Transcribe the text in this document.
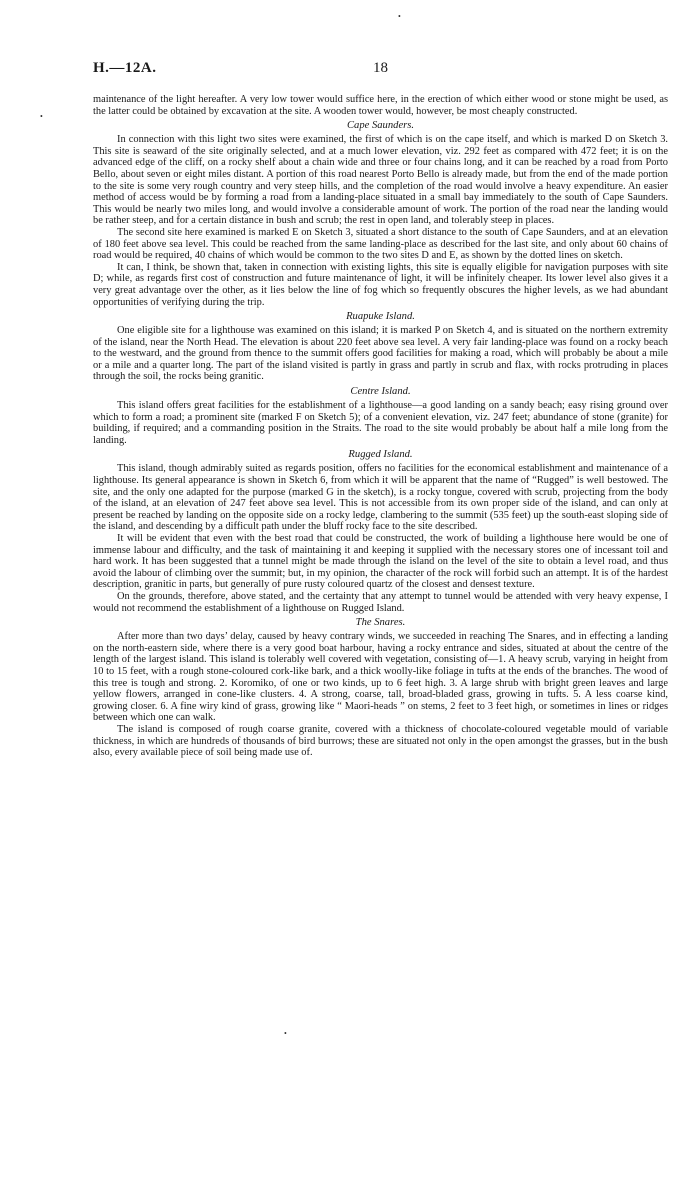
•
•
•
H.—12A.	18

maintenance of the light hereafter. A very low tower would suffice here, in the erection of which either wood or stone might be used, as the latter could be obtained by excavation at the site. A wooden tower would, however, be most cheaply constructed.

Cape Saunders.

In connection with this light two sites were examined, the first of which is on the cape itself, and which is marked D on Sketch 3. This site is seaward of the site originally selected, and at a much lower elevation, viz. 292 feet as compared with 472 feet; it is on the advanced edge of the cliff, on a rocky shelf about a chain wide and three or four chains long, and it can be reached by a road from Porto Bello, about seven or eight miles distant. A portion of this road nearest Porto Bello is already made, but from the end of the made portion to the site is some very rough country and very steep hills, and the completion of the road would involve a heavy expenditure. An easier method of access would be by forming a road from a landing-place situated in a small bay immediately to the south of Cape Saunders. This would be nearly two miles long, and would involve a considerable amount of work. The portion of the road near the landing would be rather steep, and for a certain distance in bush and scrub; the rest in open land, and tolerably steep in places.

The second site here examined is marked E on Sketch 3, situated a short distance to the south of Cape Saunders, and at an elevation of 180 feet above sea level. This could be reached from the same landing-place as described for the last site, and only about 60 chains of road would be required, 40 chains of which would be common to the two sites D and E, as shown by the dotted lines on sketch.

It can, I think, be shown that, taken in connection with existing lights, this site is equally eligible for navigation purposes with site D; while, as regards first cost of construction and future maintenance of light, it will be infinitely cheaper. Its lower level also gives it a very great advantage over the other, as it lies below the line of fog which so frequently obscures the higher levels, as we had abundant opportunities of verifying during the trip.

Ruapuke Island.

One eligible site for a lighthouse was examined on this island; it is marked P on Sketch 4, and is situated on the northern extremity of the island, near the North Head. The elevation is about 220 feet above sea level. A very fair landing-place was found on a rocky beach to the westward, and the ground from thence to the summit offers good facilities for making a road, which will probably be about a mile or a mile and a quarter long. The part of the island visited is partly in grass and partly in scrub and flax, with rocks protruding in places through the soil, the rocks being granitic.

Centre Island.

This island offers great facilities for the establishment of a lighthouse—a good landing on a sandy beach; easy rising ground over which to form a road; a prominent site (marked F on Sketch 5); of a convenient elevation, viz. 247 feet; abundance of stone (granite) for building, if required; and a commanding position in the Straits. The road to the site would probably be about half a mile long from the landing.

Rugged Island.

This island, though admirably suited as regards position, offers no facilities for the economical establishment and maintenance of a lighthouse. Its general appearance is shown in Sketch 6, from which it will be apparent that the name of “Rugged” is well bestowed. The site, and the only one adapted for the purpose (marked G in the sketch), is a rocky tongue, covered with scrub, projecting from the body of the island, at an elevation of 247 feet above sea level. This is not accessible from its own proper side of the island, and can only at present be reached by landing on the opposite side on a rocky ledge, clambering to the summit (535 feet) up the south-east sloping side of the island, and descending by a difficult path under the bluff rocky face to the site described.

It will be evident that even with the best road that could be constructed, the work of building a lighthouse here would be one of immense labour and difficulty, and the task of maintaining it and keeping it supplied with the necessary stores one of incessant toil and hard work. It has been suggested that a tunnel might be made through the island on the level of the site to obtain a level road, and thus avoid the labour of climbing over the summit; but, in my opinion, the character of the rock will forbid such an attempt. It is of the hardest description, granitic in parts, but generally of pure rusty coloured quartz of the closest and densest texture.

On the grounds, therefore, above stated, and the certainty that any attempt to tunnel would be attended with very heavy expense, I would not recommend the establishment of a lighthouse on Rugged Island.

The Snares.

After more than two days’ delay, caused by heavy contrary winds, we succeeded in reaching The Snares, and in effecting a landing on the north-eastern side, where there is a very good boat harbour, having a rocky entrance and sides, situated at about the centre of the length of the largest island. This island is tolerably well covered with vegetation, consisting of—1. A heavy scrub, varying in height from 10 to 15 feet, with a rough stone-coloured cork-like bark, and a thick woolly-like foliage in tufts at the ends of the branches. The wood of this tree is tough and strong. 2. Koromiko, of one or two kinds, up to 6 feet high. 3. A large shrub with bright green leaves and large yellow flowers, arranged in cone-like clusters. 4. A strong, coarse, tall, broad-bladed grass, growing in tufts. 5. A less coarse kind, growing closer. 6. A fine wiry kind of grass, growing like “ Maori-heads ” on stems, 2 feet to 3 feet high, or sometimes in lines or ridges between which one can walk.

The island is composed of rough coarse granite, covered with a thickness of chocolate-coloured vegetable mould of variable thickness, in which are hundreds of thousands of bird burrows; these are situated not only in the open amongst the grasses, but in the bush also, every available piece of soil being made use of.
